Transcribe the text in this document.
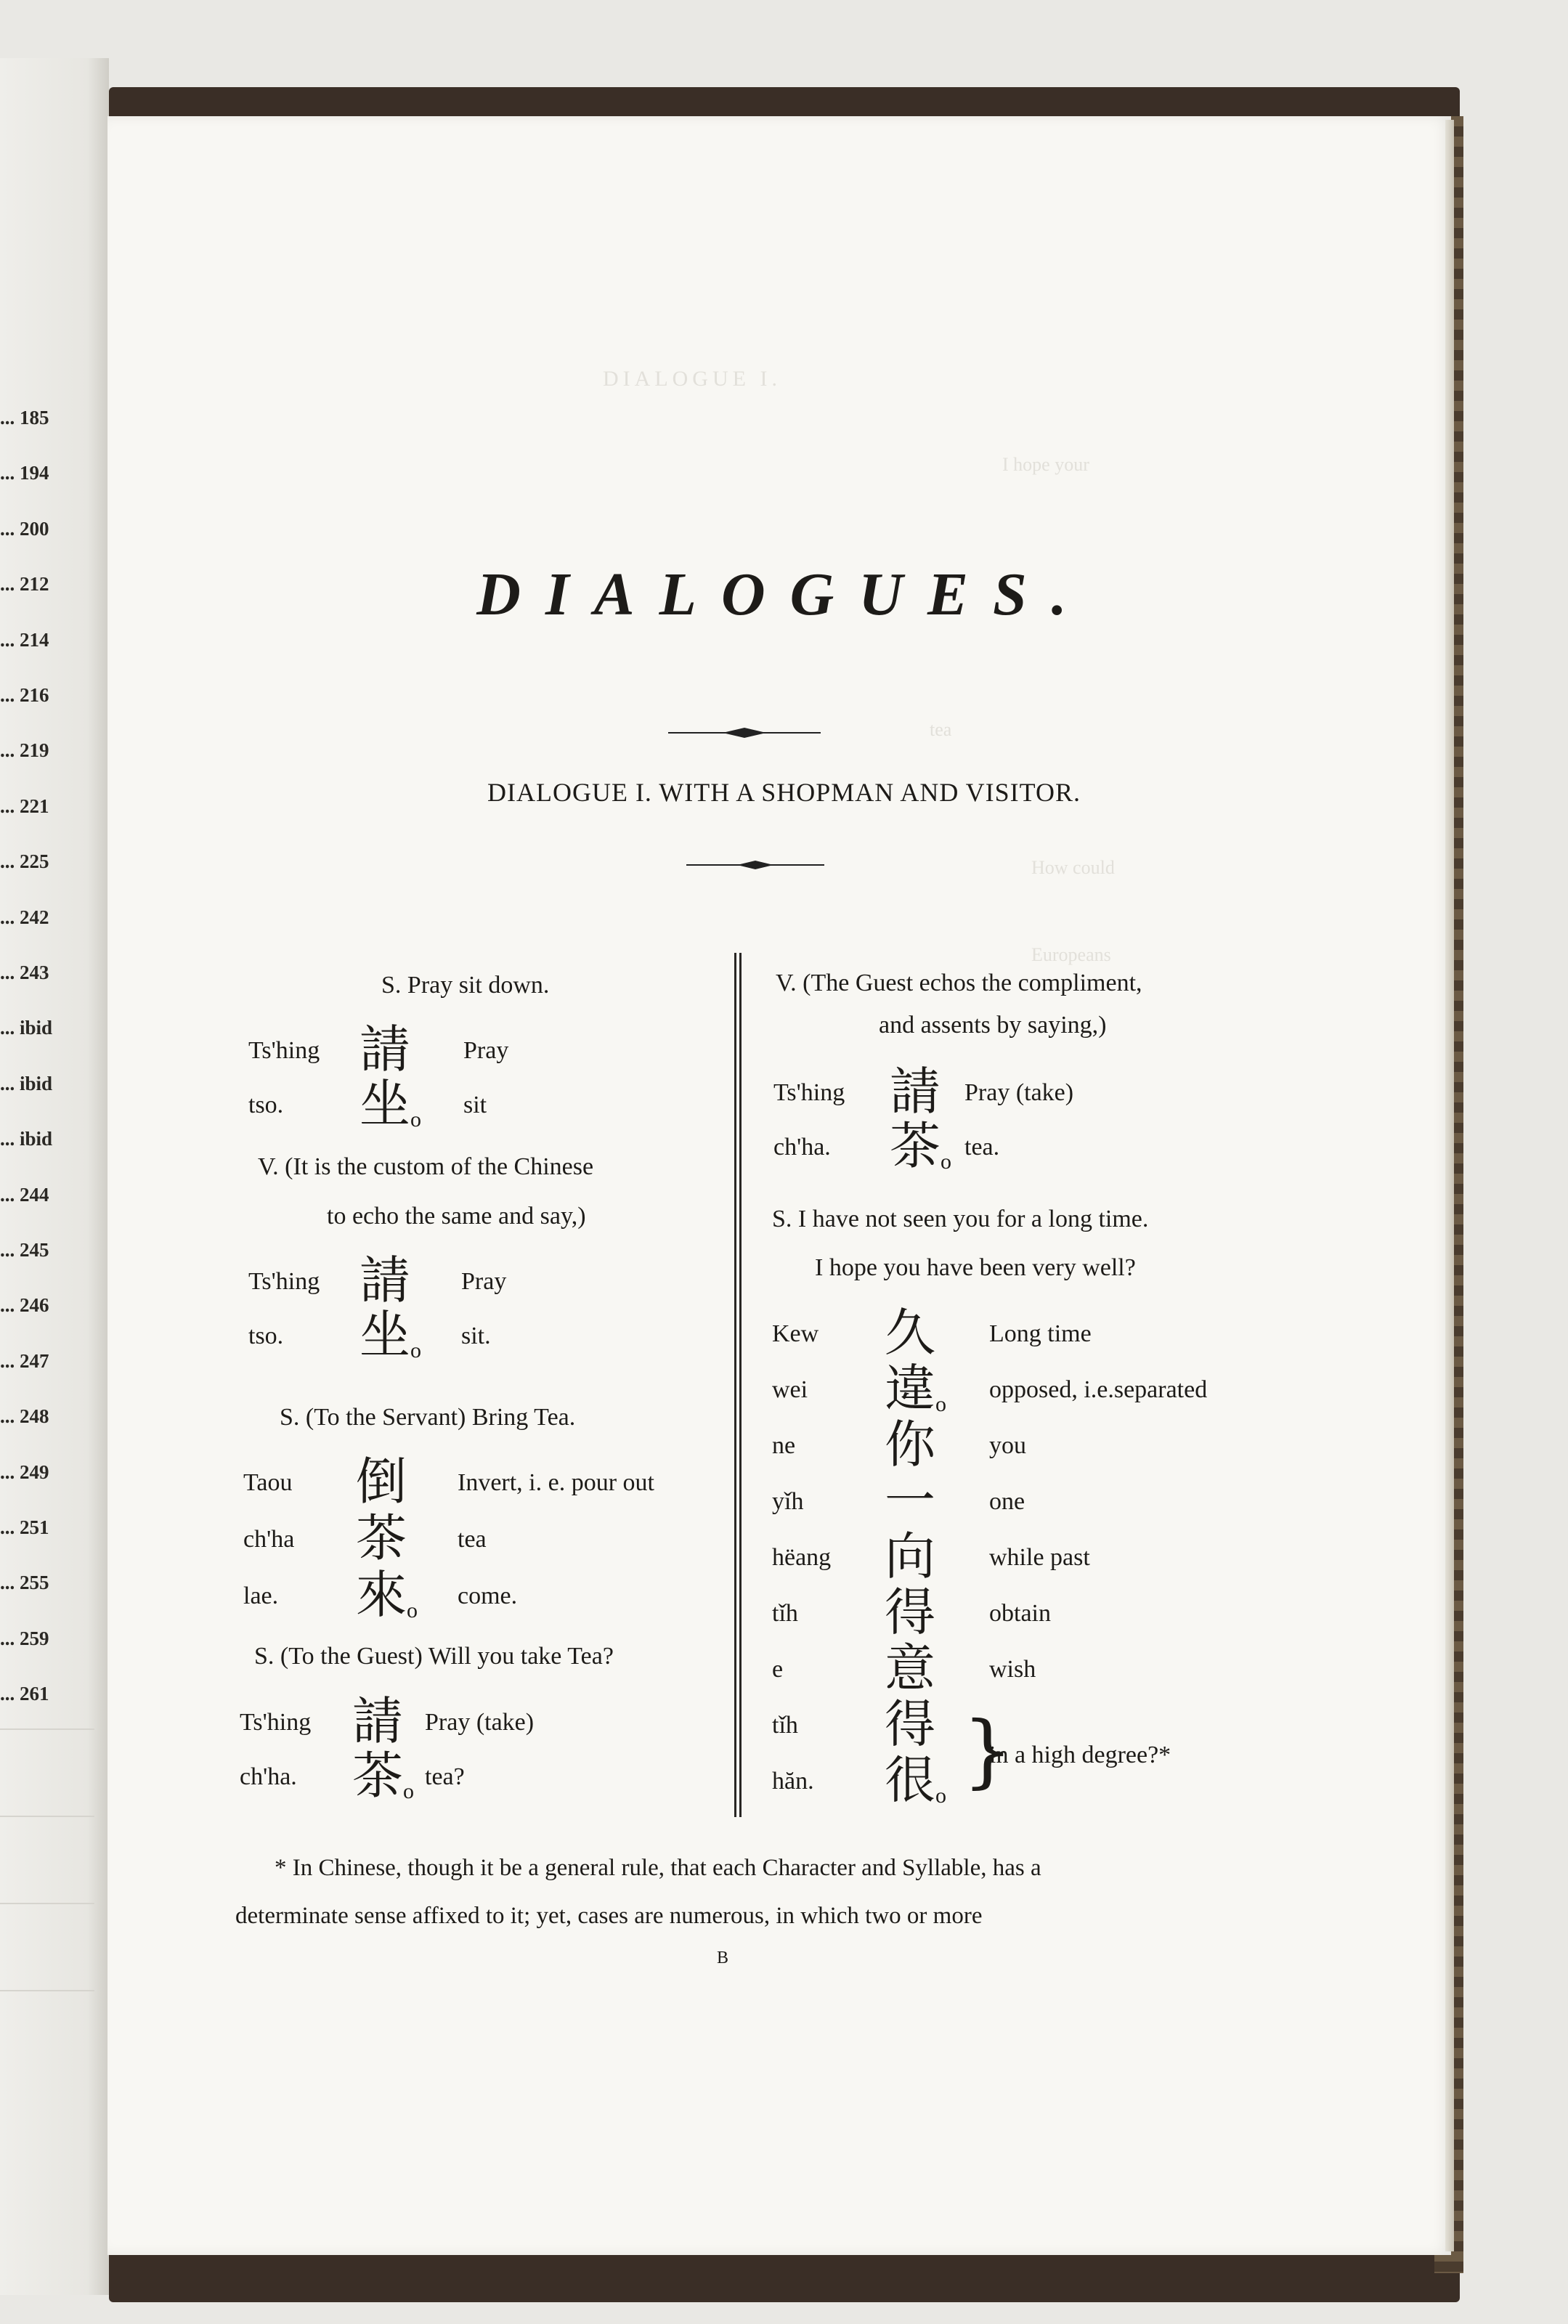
... 185
... 194
... 200
... 212
... 214
... 216
... 219
... 221
... 225
... 242
... 243
... ibid
... ibid
... ibid
... 244
... 245
... 246
... 247
... 248
... 249
... 251
... 255
... 259
... 261
DIALOGUE I.
I hope your
How could
Europeans
tea
DIALOGUES.
DIALOGUE I. WITH A SHOPMAN AND VISITOR.
S. Pray sit down.
Ts'hing 請 Pray
tso. 坐 o
sit
V. (It is the custom of the Chinese
to echo the same and say,)
Ts'hing 請 Pray
tso. 坐 o
sit.
S. (To the Servant) Bring Tea.
Taou 倒 Invert, i. e. pour out
ch'ha 茶 tea
lae. 來 o
come.
S. (To the Guest) Will you take Tea?
Ts'hing 請 Pray (take)
ch'ha. 茶 o
tea?
V. (The Guest echos the compliment,
and assents by saying,)
Ts'hing 請 Pray (take)
ch'ha. 茶 o
tea.
S. I have not seen you for a long time.
I hope you have been very well?
Kew 久 Long time
wei 違 o
opposed, i.e.separated
ne 你 you
yǐh 一 one
hëang 向 while past
tǐh 得 obtain
e 意 wish
tǐh 得
hăn. 很 o }
in a high degree?*
* In Chinese, though it be a general rule, that each Character and Syllable, has a
determinate sense affixed to it; yet, cases are numerous, in which two or more
B
